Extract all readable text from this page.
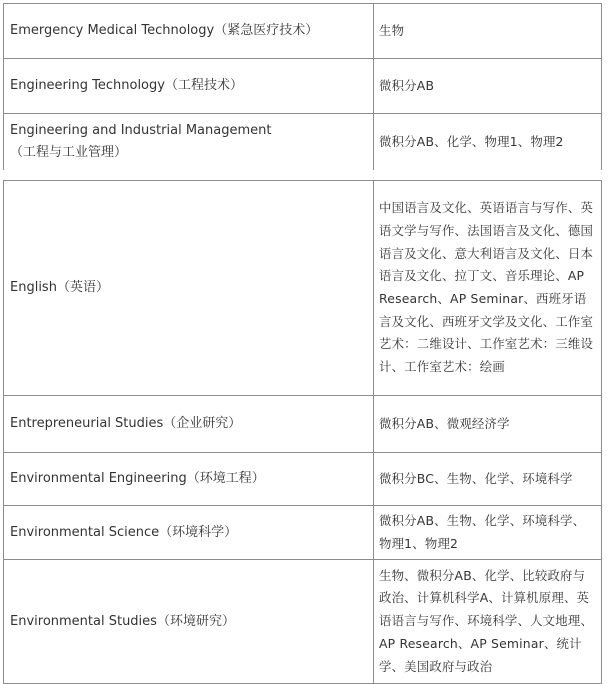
Emergency Medical Technology（紧急医疗技术）	生物
Engineering Technology（工程技术）	微积分AB

Engineering and Industrial Management
（工程与工业管理）	微积分AB、化学、物理1、物理2
English（英语）	中国语言及文化、英语语言与写作、英语文学与写作、法国语言及文化、德国语言及文化、意大利语言及文化、日本语言及文化、拉丁文、音乐理论、AP Research、AP Seminar、西班牙语言及文化、西班牙文学及文化、工作室艺术：二维设计、工作室艺术：三维设计、工作室艺术：绘画
Entrepreneurial Studies（企业研究）	微积分AB、微观经济学
Environmental Engineering（环境工程）	微积分BC、生物、化学、环境科学
Environmental Science（环境科学）	微积分AB、生物、化学、环境科学、物理1、物理2
Environmental Studies（环境研究）	生物、微积分AB、化学、比较政府与政治、计算机科学A、计算机原理、英语语言与写作、环境科学、人文地理、AP Research、AP Seminar、统计学、美国政府与政治
